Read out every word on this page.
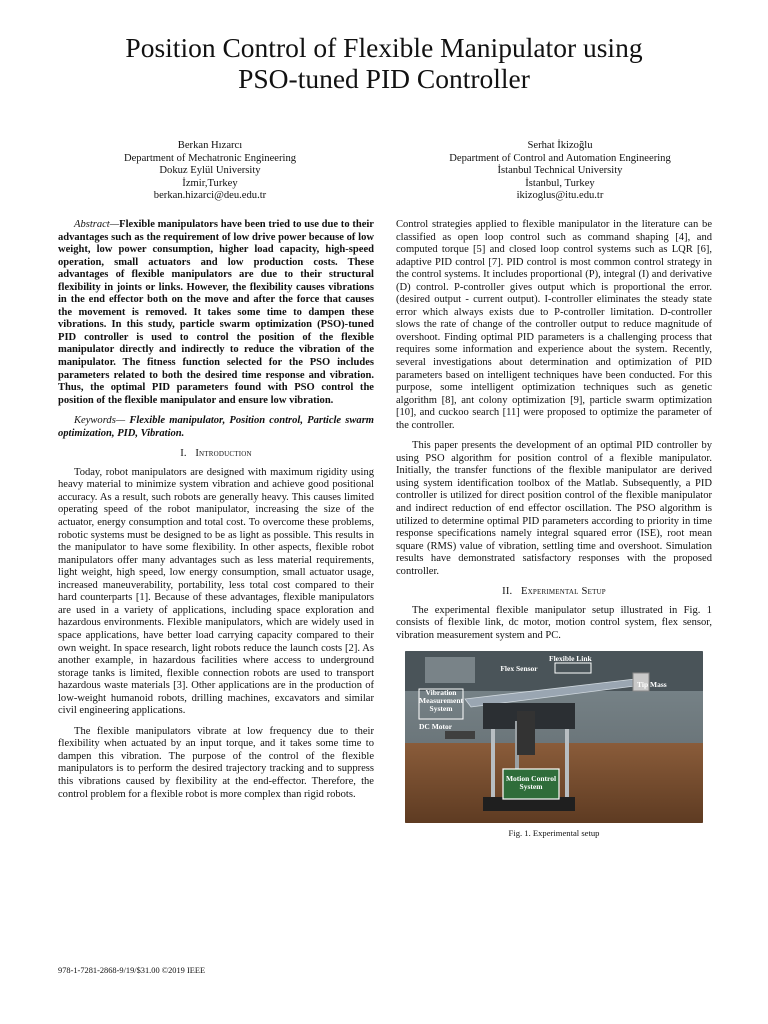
Position Control of Flexible Manipulator using
PSO-tuned PID Controller
Berkan Hızarcı
Department of Mechatronic Engineering
Dokuz Eylül University
İzmir,Turkey
berkan.hizarci@deu.edu.tr
Serhat İkizoğlu
Department of Control and Automation Engineering
İstanbul Technical University
İstanbul, Turkey
ikizoglus@itu.edu.tr

Abstract—Flexible manipulators have been tried to use due to their advantages such as the requirement of low drive power because of low weight, low power consumption, higher load capacity, high-speed operation, small actuators and low production costs. These advantages of flexible manipulators are due to their structural flexibility in joints or links. However, the flexibility causes vibrations in the end effector both on the move and after the force that causes the movement is removed. It takes some time to dampen these vibrations. In this study, particle swarm optimization (PSO)-tuned PID controller is used to control the position of the flexible manipulator directly and indirectly to reduce the vibration of the manipulator. The fitness function selected for the PSO includes parameters related to both the desired time response and vibration. Thus, the optimal PID parameters found with PSO control the position of the flexible manipulator and ensure low vibration.

Keywords— Flexible manipulator, Position control, Particle swarm optimization, PID, Vibration.

I. Introduction

Today, robot manipulators are designed with maximum rigidity using heavy material to minimize system vibration and achieve good positional accuracy. As a result, such robots are generally heavy. This causes limited operating speed of the robot manipulator, increasing the size of the actuator, energy consumption and total cost. To overcome these problems, robotic systems must be designed to be as light as possible. This results in the manipulator to have some flexibility. In other aspects, flexible robot manipulators offer many advantages such as less material requirements, light weight, high speed, low energy consumption, small actuator usage, increased maneuverability, portability, less total cost compared to their hard counterparts [1]. Because of these advantages, flexible manipulators are used in a variety of applications, including space exploration and hazardous environments. Flexible manipulators, which are widely used in space applications, have better load carrying capacity compared to their own weight. In space research, light robots reduce the launch costs [2]. As another example, in hazardous facilities where access to underground storage tanks is limited, flexible connection robots are used to transport hazardous waste materials [3]. Other applications are in the production of low-weight humanoid robots, drilling machines, excavators and similar civil engineering applications.

The flexible manipulators vibrate at low frequency due to their flexibility when actuated by an input torque, and it takes some time to dampen this vibration. The purpose of the control of the flexible manipulators is to perform the desired trajectory tracking and to suppress this vibrations caused by flexibility at the end-effector. Therefore, the control problem for a flexible robot is more complex than rigid robots.

Control strategies applied to flexible manipulator in the literature can be classified as open loop control such as command shaping [4], and computed torque [5] and closed loop control systems such as LQR [6], adaptive PID control [7]. PID control is most common control strategy in the control systems. It includes proportional (P), integral (I) and derivative (D) control. P-controller gives output which is proportional the error. (desired output - current output). I-controller eliminates the steady state error which always exists due to P-controller limitation. D-controller slows the rate of change of the controller output to reduce magnitude of overshoot. Finding optimal PID parameters is a challenging process that requires some information and experience about the system. Recently, several investigations about determination and optimization of PID parameters based on intelligent techniques have been conducted. For this purpose, some intelligent optimization techniques such as genetic algorithm [8], ant colony optimization [9], particle swarm optimization [10], and cuckoo search [11] were proposed to optimize the parameter of the controller.

This paper presents the development of an optimal PID controller by using PSO algorithm for position control of a flexible manipulator. Initially, the transfer functions of the flexible manipulator are derived using system identification toolbox of the Matlab. Subsequently, a PID controller is utilized for direct position control of the flexible manipulator and indirect reduction of end effector oscillation. The PSO algorithm is utilized to determine optimal PID parameters according to priority in time response specifications namely integral squared error (ISE), root mean square (RMS) value of vibration, settling time and overshoot. Simulation results have demonstrated satisfactory responses with the proposed controller.

II. Experimental Setup

The experimental flexible manipulator setup illustrated in Fig. 1 consists of flexible link, dc motor, motion control system, flex sensor, vibration measurement system and PC.

Flexible Link
Flex Sensor
Tip Mass
Vibration Measurement System
DC Motor
Motion Control System
Fig. 1. Experimental setup
978-1-7281-2868-9/19/$31.00 ©2019 IEEE
